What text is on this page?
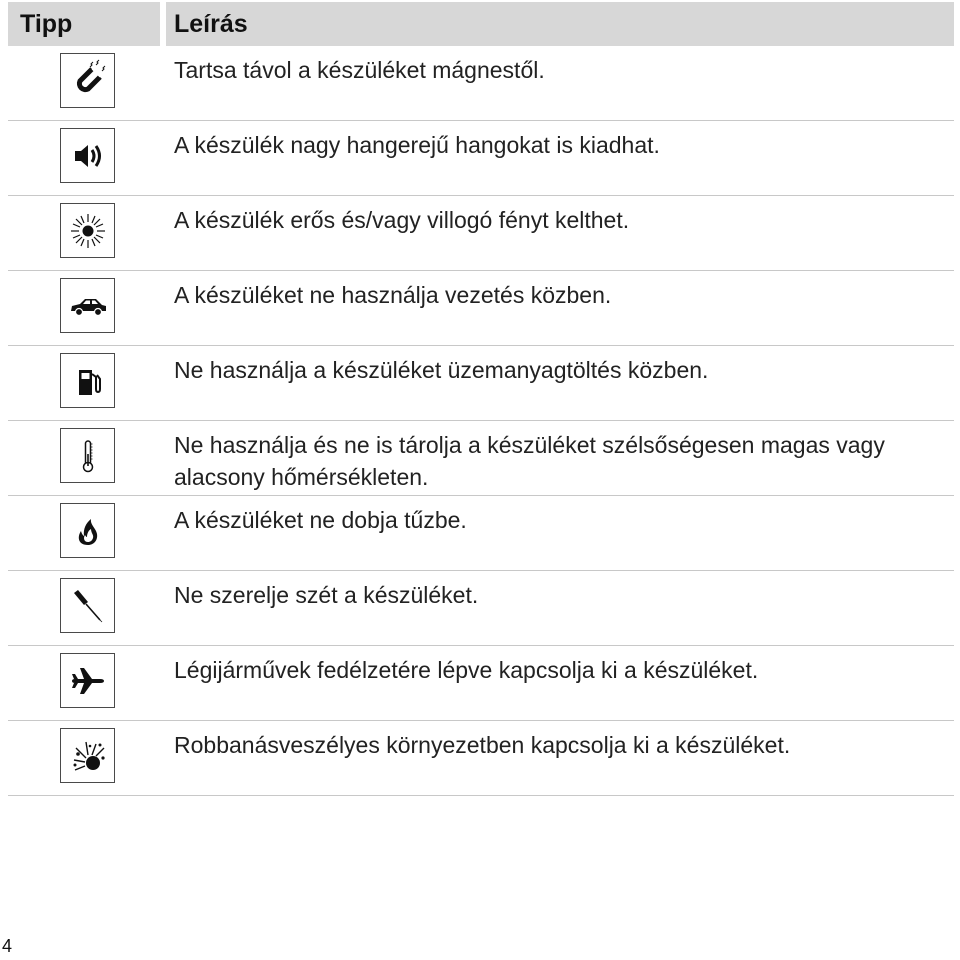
Tipp	Leírás
Tartsa távol a készüléket mágnestől.
A készülék nagy hangerejű hangokat is kiadhat.
A készülék erős és/vagy villogó fényt kelthet.
A készüléket ne használja vezetés közben.
Ne használja a készüléket üzemanyagtöltés közben.
Ne használja és ne is tárolja a készüléket szélsőségesen magas vagy alacsony hőmérsékleten.
A készüléket ne dobja tűzbe.
Ne szerelje szét a készüléket.
Légijárművek fedélzetére lépve kapcsolja ki a készüléket.
Robbanásveszélyes környezetben kapcsolja ki a készüléket.
4
